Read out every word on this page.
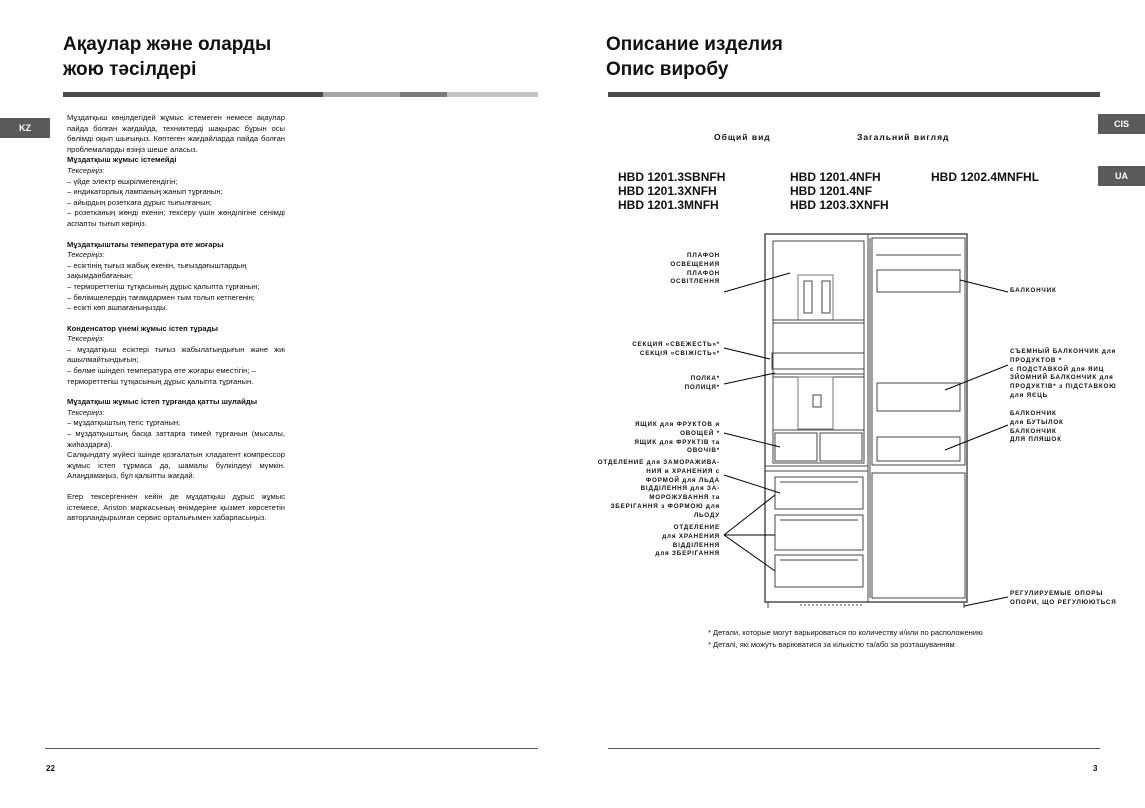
Ақаулар және оларды
жою тәсілдері
KZ

Мұздатқыш көңілдегідей жұмыс істемеген немесе ақаулар пайда болған жағдайда, техниктерді шақырас бұрын осы бөлімді оқып шығыңыз. Көптеген жағдайларда пайда болған проблемаларды өзіңіз шеше аласыз.

Мұздатқыш жұмыс істемейді

Тексеріңіз:

– үйде электр өшірілмегендігін;

– индикаторлық лампаның жанып тұрғанын;

– айырдың розеткаға дұрыс тығылғанын;

– розетканың жөнді екенін; тексеру үшін жөнділігіне сенімді аспапты тығып көріңіз.

Мұздатқыштағы температура өте жоғары

Тексеріңіз:

– есіктінің тығыз жабық екенін, тығыздағыштардың зақымданбағанын;

– термореттегіш тұтқасының дұрыс қалыпта тұрғанын;

– бөлімшелердің тағамдармен тым толып кетпегенін;

– есікті көп ашпағаныңызды.

Конденсатор үнемі жұмыс істеп тұрады

Тексеріңіз:

– мұздатқыш есіктері тығыз жабылатындығын және жиі ашылмайтындығын;

– бөлме ішіндегі температура өте жоғары еместігін; – термореттегіш тұтқасының дұрыс қалыпта тұрғанын.

Мұздатқыш жұмыс істеп тұрғанда қатты шулайды

Тексеріңіз:

– мұздатқыштың тегіс тұрғанын;

– мұздатқыштың басқа заттарға тимей тұрғанын (мысалы, жиһаздарға).

Салқындату жүйесі ішінде қозғалатын хладагент компрессор жұмыс істеп тұрмаса да, шамалы бүлкілдеуі мүмкін. Алаңдамаңыз, бұл қалыпты жағдай.

Егер тексергеннен кейін де мұздатқыш дұрыс жұмыс істемесе, Ariston маркасының өнімдеріне қызмет көрсететін авторландырылған сервис орталығымен хабарласыңыз.

22
Описание изделия
Опис виробу
CIS
UA
Общий вид	Загальний вигляд
HBD 1201.3SBNFH
HBD 1201.3XNFH
HBD 1201.3MNFH
HBD 1201.4NFH
HBD 1201.4NF
HBD 1203.3XNFH
HBD 1202.4MNFHL
ПЛАФОН
ОСВЕЩЕНИЯ
ПЛАФОН
ОСВІТЛЕННЯ
СЕКЦИЯ «СВЕЖЕСТЬ»*
СЕКЦІЯ «СВІЖІСТЬ»*
ПОЛКА*
ПОЛИЦЯ*
ЯЩИК для ФРУКТОВ и
ОВОЩЕЙ *
ЯЩИК для ФРУКТІВ та
ОВОЧІВ*
ОТДЕЛЕНИЕ для ЗАМОРАЖИВА-
НИЯ и ХРАНЕНИЯ с
ФОРМОЙ для ЛЬДА
ВІДДІЛЕННЯ для ЗА-
МОРОЖУВАННЯ та
ЗБЕРІГАННЯ з ФОРМОЮ для
ЛЬОДУ
ОТДЕЛЕНИЕ
для ХРАНЕНИЯ
ВІДДІЛЕННЯ
для ЗБЕРІГАННЯ
БАЛКОНЧИК
СЪЕМНЫЙ БАЛКОНЧИК для
ПРОДУКТОВ *
с ПОДСТАВКОЙ для ЯИЦ
ЗЙОМНИЙ БАЛКОНЧИК для
ПРОДУКТІВ* з ПІДСТАВКОЮ
для ЯЄЦЬ
БАЛКОНЧИК
для БУТЫЛОК
БАЛКОНЧИК
ДЛЯ ПЛЯШОК
РЕГУЛИРУЕМЫЕ ОПОРЫ
ОПОРИ, ЩО РЕГУЛЮЮТЬСЯ
* Детали, которые могут варьироваться по количеству и/или по расположению
* Деталі, які можуть варіюватися за кількістю та/або за розташуванням
3
